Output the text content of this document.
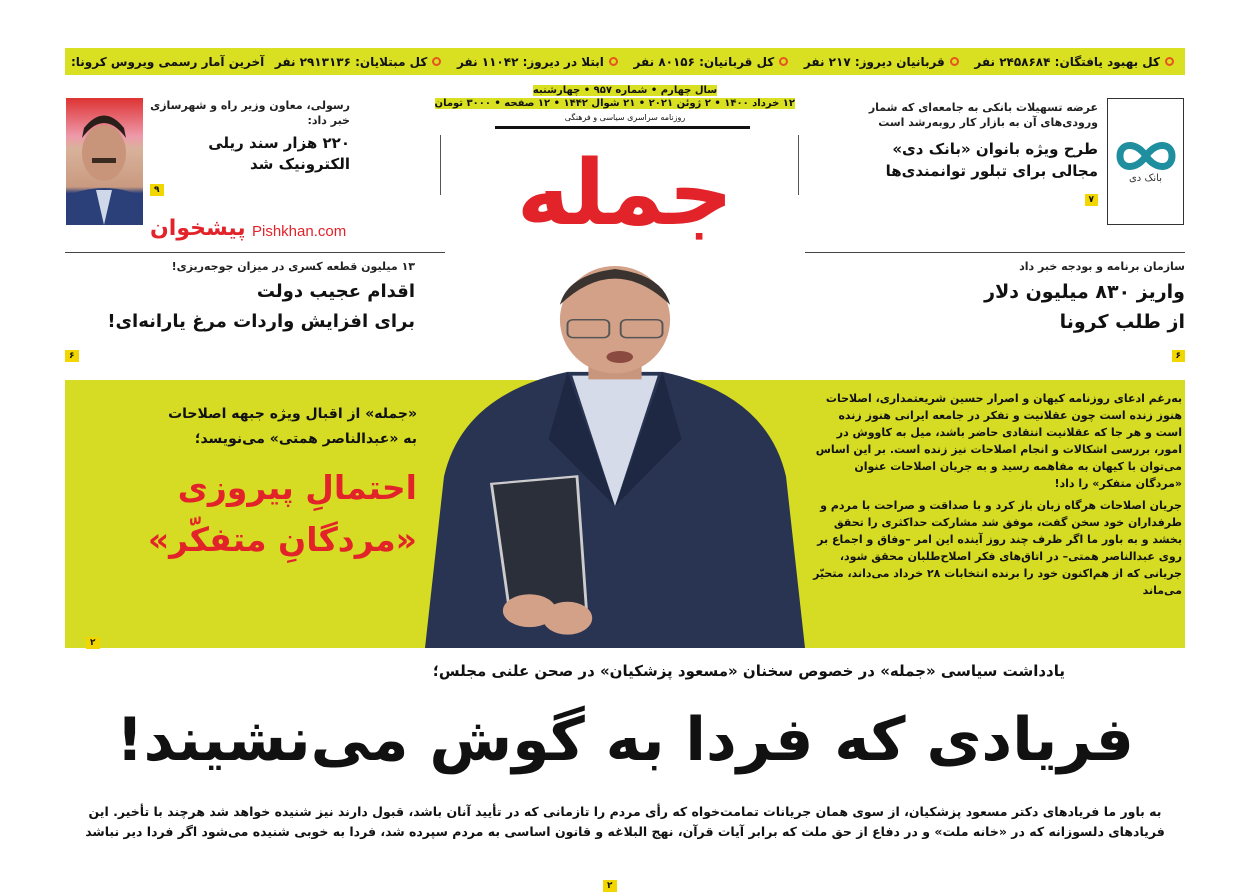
آخرین آمار رسمی ویروس کرونا: کل مبتلایان: ۲۹۱۳۱۳۶ نفر	ابتلا در دیروز: ۱۱۰۴۲ نفر	کل قربانیان: ۸۰۱۵۶ نفر	قربانیان دیروز: ۲۱۷ نفر	کل بهبود یافتگان: ۲۴۵۸۶۸۴ نفر
بانک دی
عرضه تسهیلات بانکی به جامعه‌ای که شمار ورودی‌های آن به بازار کار روبه‌رشد است
طرح ویژه بانوان «بانک دی»
مجالی برای تبلور توانمندی‌ها
۷
رسولی، معاون وزیر راه و شهرسازی
خبر داد:
۲۲۰ هزار سند ریلی
الکترونیک شد
۹
پیشخوان Pishkhan.com
سال چهارم • شماره ۹۵۷ • چهارشنبه
۱۲ خرداد ۱۴۰۰ • ۲ ژوئن ۲۰۲۱ • ۲۱ شوال ۱۴۴۲ • ۱۲ صفحه • ۳۰۰۰ تومان
روزنامه سراسری سیاسی و فرهنگی
جمله
سازمان برنامه و بودجه خبر داد
واریز ۸۳۰ میلیون دلار
از طلب کرونا
۶
۱۳ میلیون قطعه کسری در میزان جوجه‌ریزی!
اقدام عجیب دولت
برای افزایش واردات مرغ یارانه‌ای!
۶
«جمله» از اقبال ویژه جبهه اصلاحات
به «عبدالناصر همتی» می‌نویسد؛
احتمالِ پیروزی
«مردگانِ متفکّر»
۲

به‌رغم ادعای روزنامه کیهان و اصرار حسین شریعتمداری، اصلاحات هنوز زنده است چون عقلانیت و تفکر در جامعه ایرانی هنوز زنده است و هر جا که عقلانیت انتقادی حاضر باشد، میل به کاووش در امور، بررسی اشکالات و انجام اصلاحات نیز زنده است. بر این اساس می‌توان با کیهان به مفاهمه رسید و به جریان اصلاحات عنوان «مردگان متفکر» را داد!

جریان اصلاحات هرگاه زبان باز کرد و با صداقت و صراحت با مردم و طرفداران خود سخن گفت، موفق شد مشارکت حداکثری را تحقق بخشد و به باور ما اگر ظرف چند روز آینده این امر –وفاق و اجماع بر روی عبدالناصر همتی– در اتاق‌های فکر اصلاح‌طلبان محقق شود، جریانی که از هم‌اکنون خود را برنده انتخابات ۲۸ خرداد می‌داند، متحیّر می‌ماند

یادداشت سیاسی «جمله» در خصوص سخنان «مسعود پزشکیان» در صحن علنی مجلس؛
فریادی که فردا به گوش می‌نشیند!
به باور ما فریادهای دکتر مسعود پزشکیان، از سوی همان جریانات تمامت‌خواه که رأی مردم را تازمانی که در تأیید آنان باشد، قبول دارند نیز شنیده خواهد شد هرچند با تأخیر. این فریادهای دلسوزانه که در «خانه ملت» و در دفاع از حق ملت که برابر آیات قرآن، نهج البلاغه و قانون اساسی به مردم سپرده شد، فردا به خوبی شنیده می‌شود اگر فردا دیر نباشد
۲
